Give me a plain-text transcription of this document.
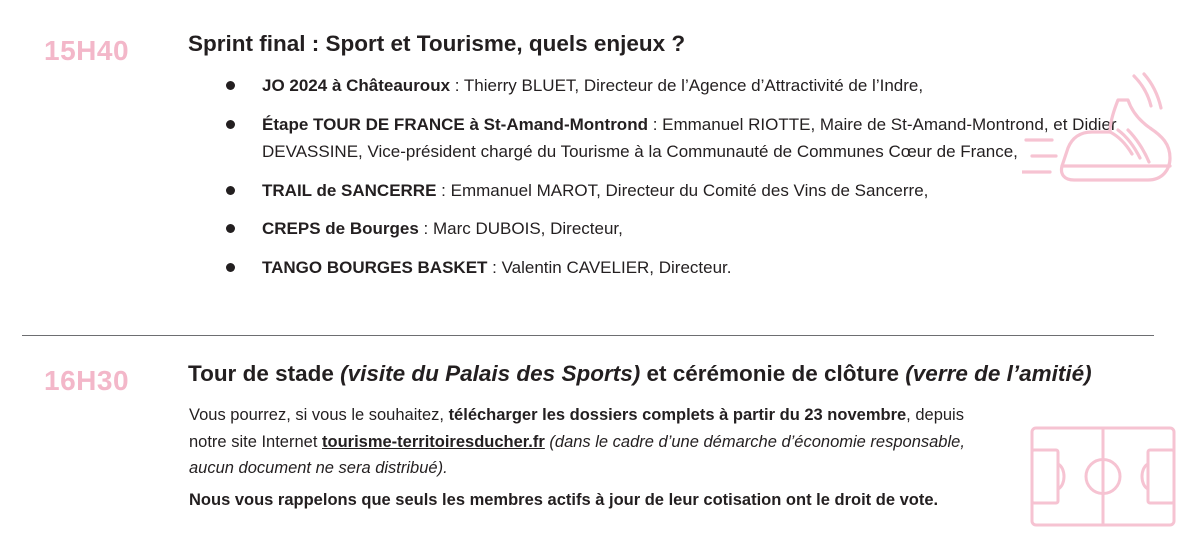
15H40	Sprint final : Sport et Tourisme, quels enjeux ?
JO 2024 à Châteauroux : Thierry BLUET, Directeur de l’Agence d’Attractivité de l’Indre,
Étape TOUR DE FRANCE à St-Amand-Montrond : Emmanuel RIOTTE, Maire de St-Amand-Montrond, et Didier DEVASSINE, Vice-président chargé du Tourisme à la Communauté de Communes Cœur de France,
TRAIL de SANCERRE : Emmanuel MAROT, Directeur du Comité des Vins de Sancerre,
CREPS de Bourges : Marc DUBOIS, Directeur,
TANGO BOURGES BASKET : Valentin CAVELIER, Directeur.
16H30	Tour de stade (visite du Palais des Sports) et cérémonie de clôture (verre de l’amitié)

Vous pourrez, si vous le souhaitez, télécharger les dossiers complets à partir du 23 novembre, depuis notre site Internet tourisme-territoiresducher.fr (dans le cadre d’une démarche d’économie responsable, aucun document ne sera distribué).

Nous vous rappelons que seuls les membres actifs à jour de leur cotisation ont le droit de vote.
